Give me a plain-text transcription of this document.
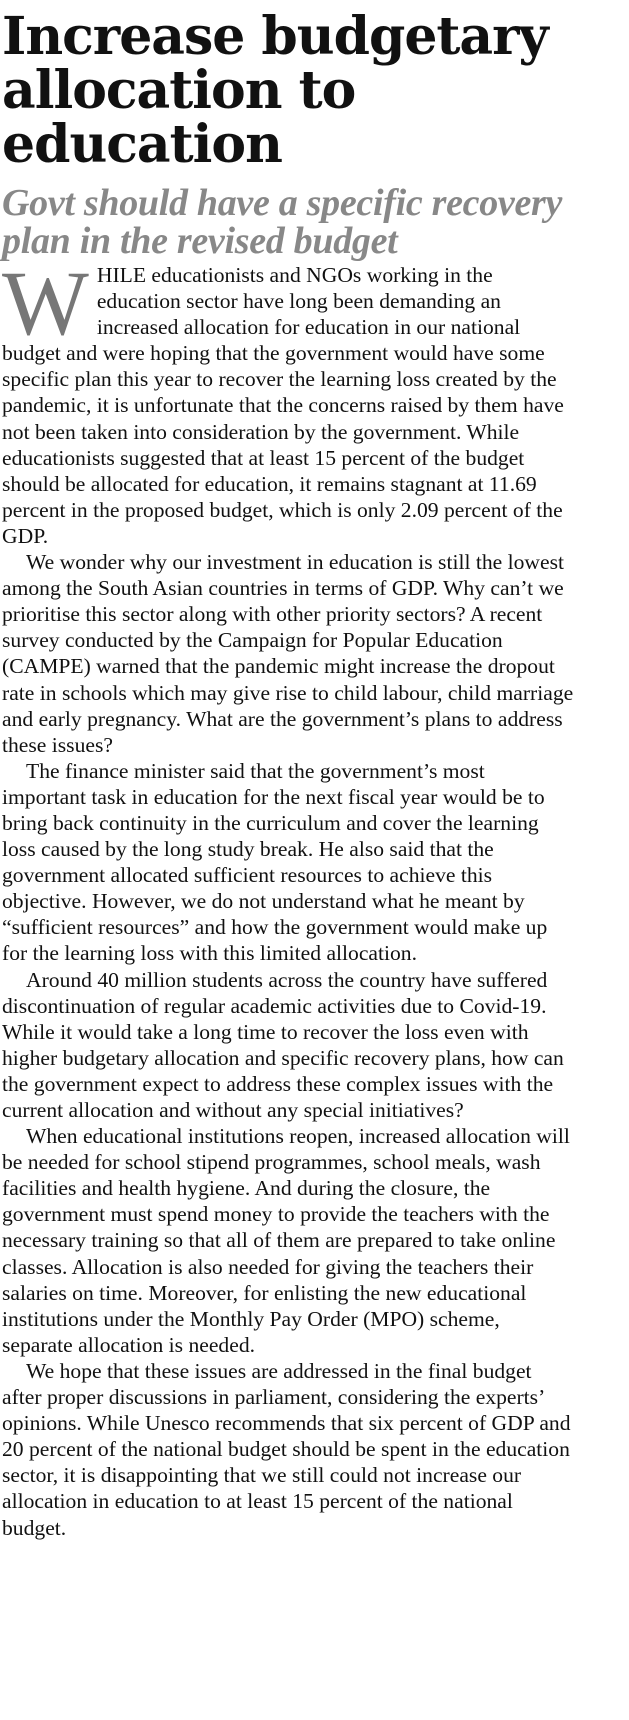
Increase budgetary allocation to education
Govt should have a specific recovery plan in the revised budget

WHILE educationists and NGOs working in the education sector have long been demanding an increased allocation for education in our national budget and were hoping that the government would have some specific plan this year to recover the learning loss created by the pandemic, it is unfortunate that the concerns raised by them have not been taken into consideration by the government. While educationists suggested that at least 15 percent of the budget should be allocated for education, it remains stagnant at 11.69 percent in the proposed budget, which is only 2.09 percent of the GDP.

We wonder why our investment in education is still the lowest among the South Asian countries in terms of GDP. Why can’t we prioritise this sector along with other priority sectors? A recent survey conducted by the Campaign for Popular Education (CAMPE) warned that the pandemic might increase the dropout rate in schools which may give rise to child labour, child marriage and early pregnancy. What are the government’s plans to address these issues?

The finance minister said that the government’s most important task in education for the next fiscal year would be to bring back continuity in the curriculum and cover the learning loss caused by the long study break. He also said that the government allocated sufficient resources to achieve this objective. However, we do not understand what he meant by “sufficient resources” and how the government would make up for the learning loss with this limited allocation.

Around 40 million students across the country have suffered discontinuation of regular academic activities due to Covid-19. While it would take a long time to recover the loss even with higher budgetary allocation and specific recovery plans, how can the government expect to address these complex issues with the current allocation and without any special initiatives?

When educational institutions reopen, increased allocation will be needed for school stipend programmes, school meals, wash facilities and health hygiene. And during the closure, the government must spend money to provide the teachers with the necessary training so that all of them are prepared to take online classes. Allocation is also needed for giving the teachers their salaries on time. Moreover, for enlisting the new educational institutions under the Monthly Pay Order (MPO) scheme, separate allocation is needed.

We hope that these issues are addressed in the final budget after proper discussions in parliament, considering the experts’ opinions. While Unesco recommends that six percent of GDP and 20 percent of the national budget should be spent in the education sector, it is disappointing that we still could not increase our allocation in education to at least 15 percent of the national budget.
